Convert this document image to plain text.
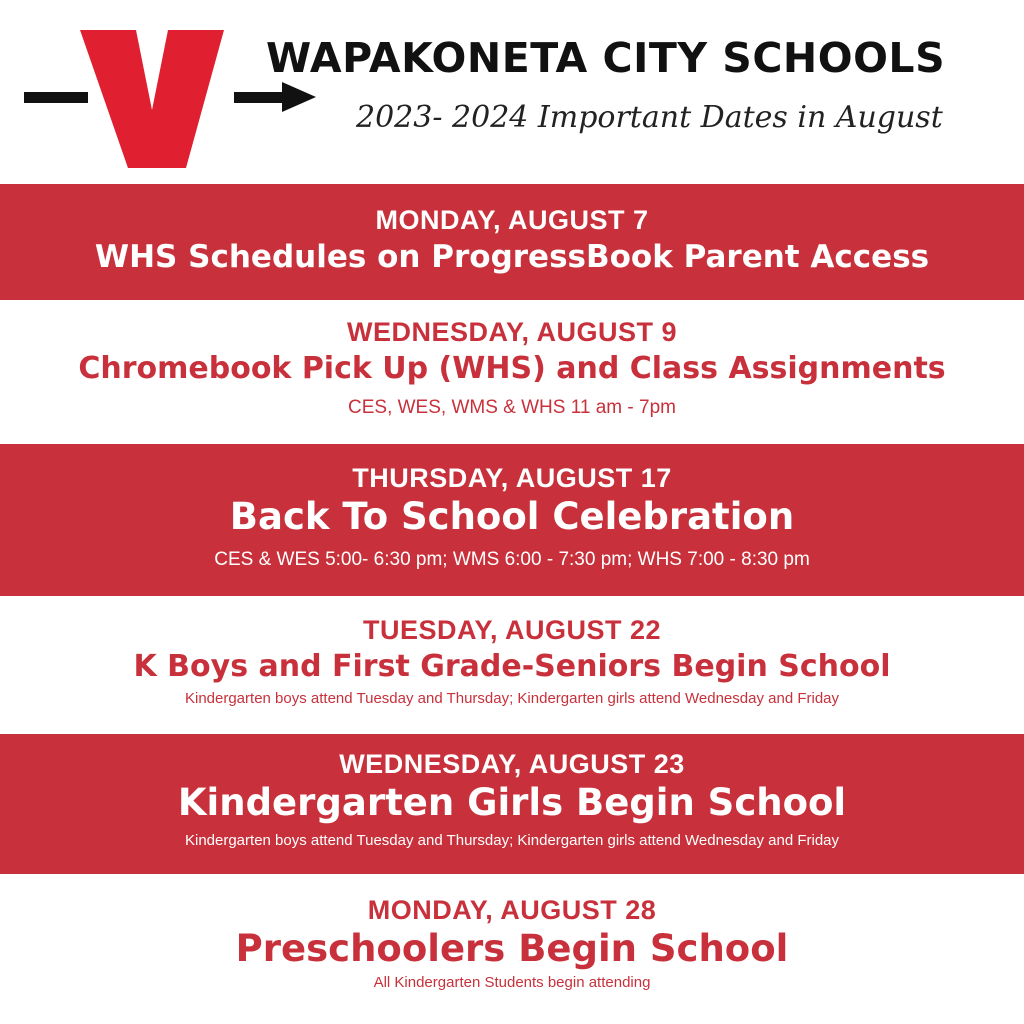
WAPAKONETA CITY SCHOOLS
2023- 2024 Important Dates in August
MONDAY, AUGUST 7
WHS Schedules on ProgressBook Parent Access
WEDNESDAY, AUGUST 9
Chromebook Pick Up (WHS) and Class Assignments
CES, WES, WMS & WHS 11 am - 7pm
THURSDAY, AUGUST 17
Back To School Celebration
CES & WES 5:00- 6:30 pm; WMS 6:00 - 7:30 pm; WHS 7:00 - 8:30 pm
TUESDAY, AUGUST 22
K Boys and First Grade-Seniors Begin School
Kindergarten boys attend Tuesday and Thursday; Kindergarten girls attend Wednesday and Friday
WEDNESDAY, AUGUST 23
Kindergarten Girls Begin School
Kindergarten boys attend Tuesday and Thursday; Kindergarten girls attend Wednesday and Friday
MONDAY, AUGUST 28
Preschoolers Begin School
All Kindergarten Students begin attending
